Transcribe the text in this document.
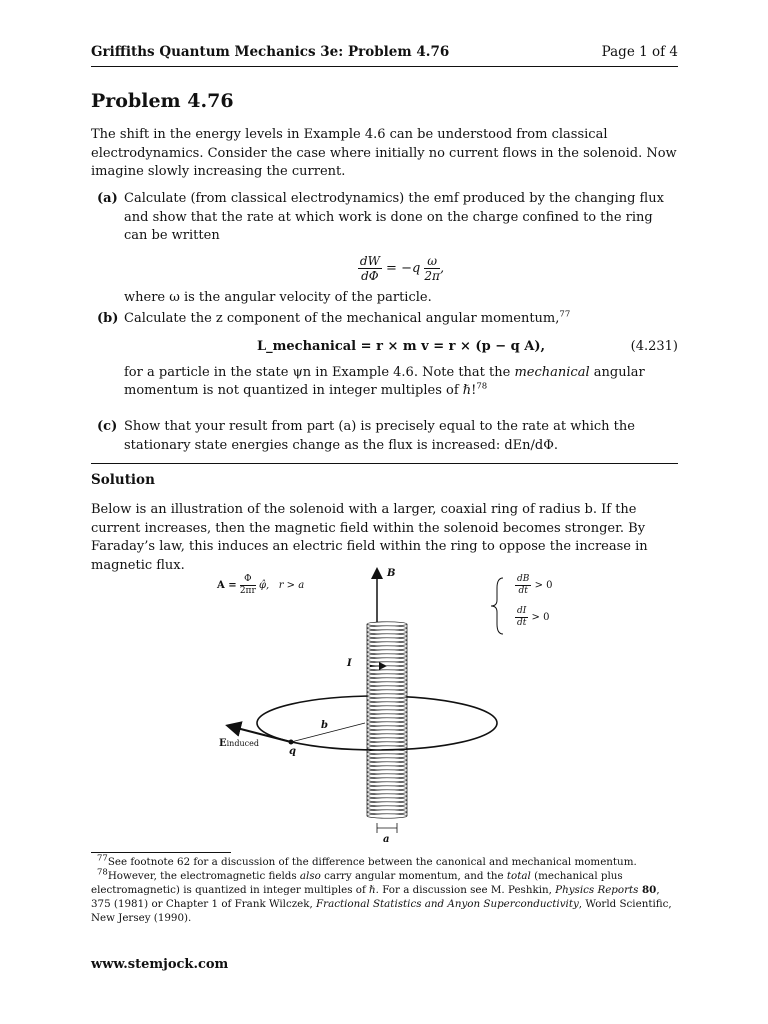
Griffiths Quantum Mechanics 3e: Problem 4.76	Page 1 of 4
Problem 4.76

The shift in the energy levels in Example 4.6 can be understood from classical electrodynamics. Consider the case where initially no current flows in the solenoid. Now imagine slowly increasing the current.

(a) Calculate (from classical electrodynamics) the emf produced by the changing flux and show that the rate at which work is done on the charge confined to the ring can be written

$\frac{dW}{d\Phi} = -q \frac{\omega}{2\pi}$ ,

where ω is the angular velocity of the particle.

(b) Calculate the z component of the mechanical angular momentum,$^{77}$

L_mechanical = r × m v = r × (p − q A),	(4.231)

for a particle in the state ψn in Example 4.6. Note that the mechanical angular momentum is not quantized in integer multiples of ℏ!$^{78}$

(c) Show that your result from part (a) is precisely equal to the rate at which the stationary state energies change as the flux is increased: dEn/dΦ.

Solution

Below is an illustration of the solenoid with a larger, coaxial ring of radius b. If the current increases, then the magnetic field within the solenoid becomes stronger. By Faraday’s law, this induces an electric field within the ring to oppose the increase in magnetic flux.

$A = \frac{\Phi}{2\pi r}$ φ̂, r > a
B
I
b
q
Einduced
a
$\frac{dB}{dt} > 0$
$\frac{dI}{dt} > 0$

$^{77}$See footnote 62 for a discussion of the difference between the canonical and mechanical momentum.

$^{78}$However, the electromagnetic fields also carry angular momentum, and the total (mechanical plus electromagnetic) is quantized in integer multiples of ℏ. For a discussion see M. Peshkin, Physics Reports 80, 375 (1981) or Chapter 1 of Frank Wilczek, Fractional Statistics and Anyon Superconductivity, World Scientific, New Jersey (1990).

www.stemjock.com
